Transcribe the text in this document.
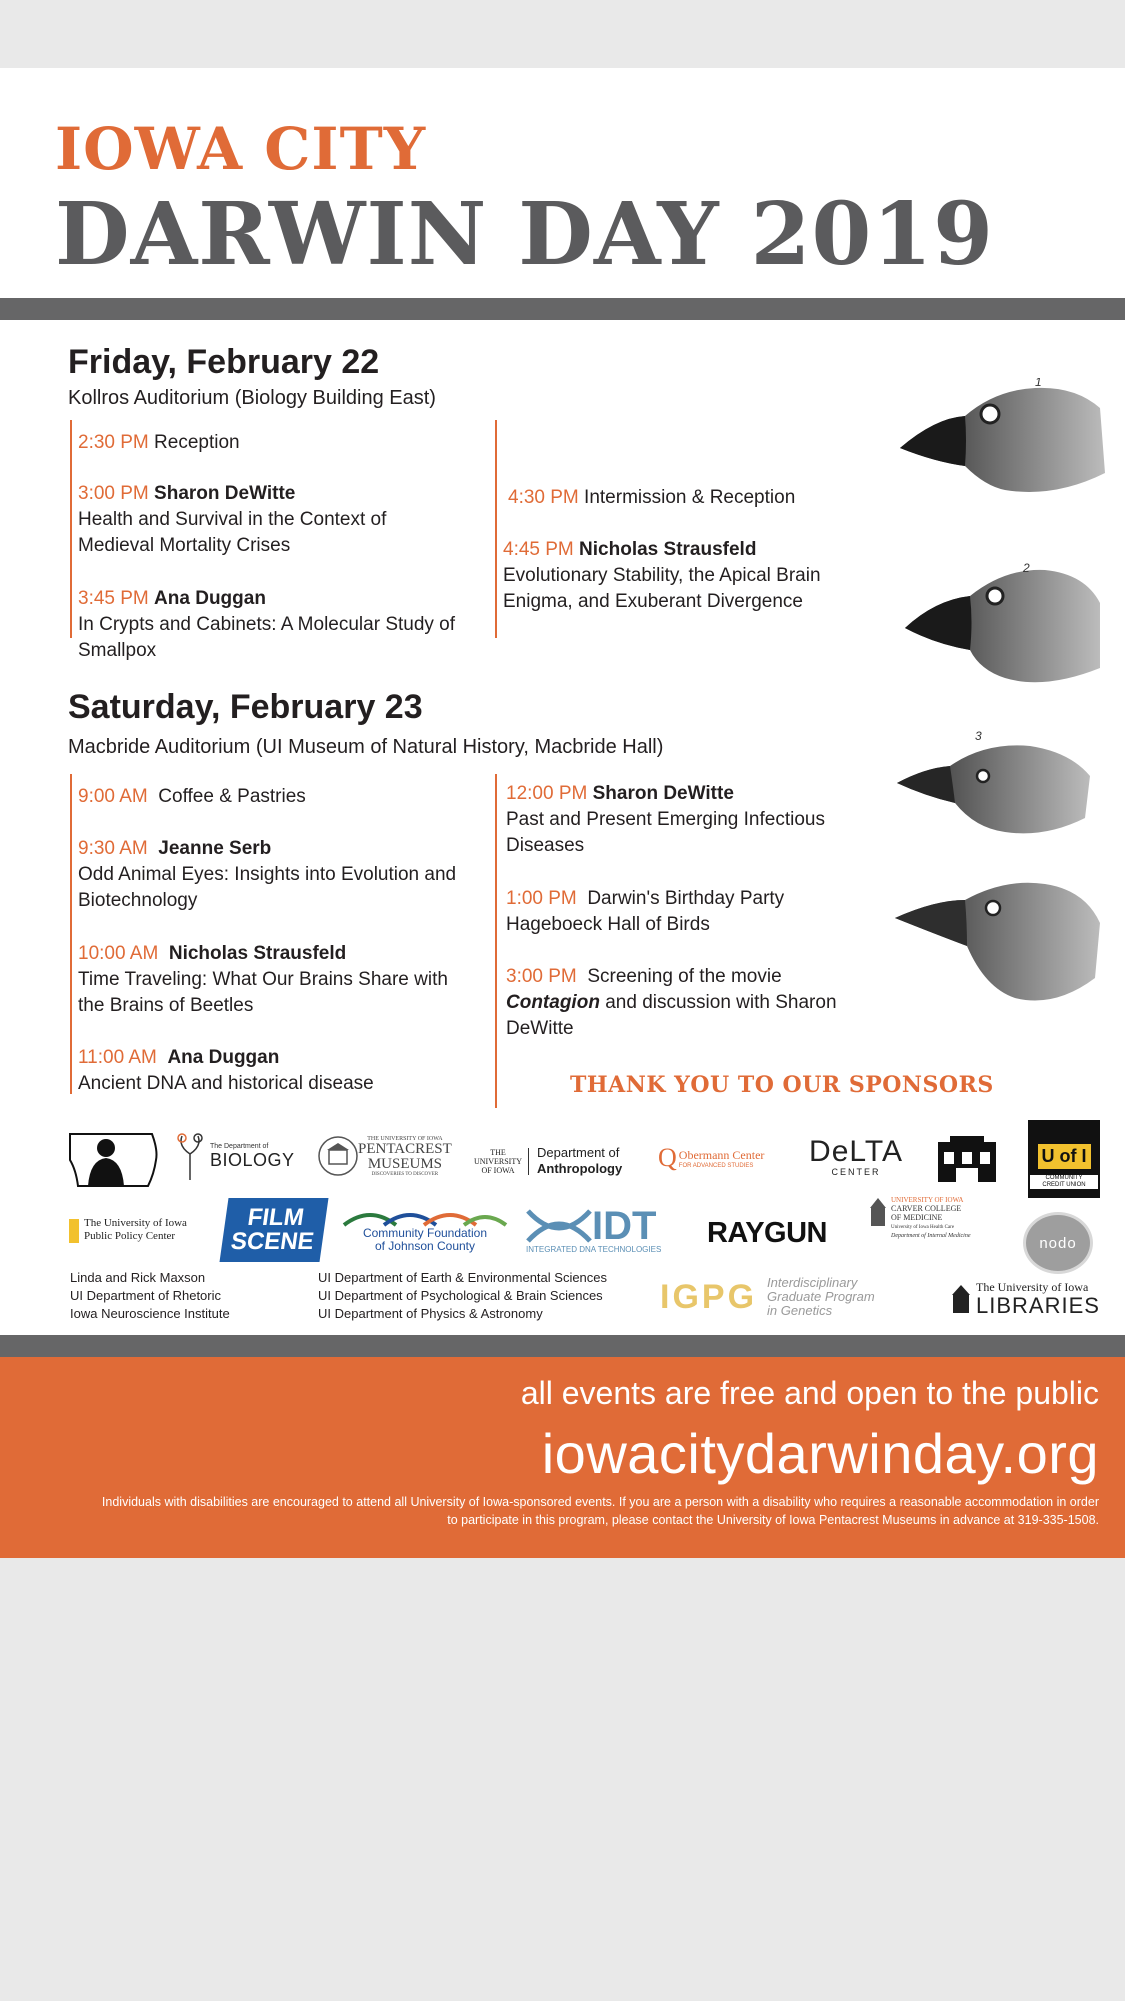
IOWA CITY
DARWIN DAY 2019
Friday, February 22

Kollros Auditorium (Biology Building East)

2:30 PM Reception
3:00 PM Sharon DeWitte
Health and Survival in the Context of
Medieval Mortality Crises
3:45 PM Ana Duggan
In Crypts and Cabinets: A Molecular Study of
Smallpox
4:30 PM Intermission & Reception
4:45 PM Nicholas Strausfeld
Evolutionary Stability, the Apical Brain
Enigma, and Exuberant Divergence
Saturday, February 23

Macbride Auditorium (UI Museum of Natural History, Macbride Hall)

9:00 AM Coffee & Pastries
9:30 AM Jeanne Serb
Odd Animal Eyes: Insights into Evolution and
Biotechnology
10:00 AM Nicholas Strausfeld
Time Traveling: What Our Brains Share with
the Brains of Beetles
11:00 AM Ana Duggan
Ancient DNA and historical disease
12:00 PM Sharon DeWitte
Past and Present Emerging Infectious
Diseases
1:00 PM Darwin's Birthday Party
Hageboeck Hall of Birds
3:00 PM Screening of the movie
Contagion and discussion with Sharon
DeWitte
1
2
3
THANK YOU TO OUR SPONSORS
The Department of
BIOLOGY
THE UNIVERSITY OF IOWA
PENTACREST
MUSEUMS
DISCOVERIES TO DISCOVER
THE
UNIVERSITY
OF IOWA
Department of
Anthropology Q Obermann Center
FOR ADVANCED STUDIES	DeLTA
CENTER
U of I
COMMUNITY
CREDIT UNION
The University of Iowa
Public Policy Center
FILM
SCENE	Community Foundation
of Johnson County	IDT
INTEGRATED DNA TECHNOLOGIES
RAYGUN
UNIVERSITY OF IOWA
CARVER COLLEGE
OF MEDICINE
University of Iowa Health Care
Department of Internal Medicine	nodo
Linda and Rick Maxson
UI Department of Rhetoric
Iowa Neuroscience Institute
UI Department of Earth & Environmental Sciences
UI Department of Psychological & Brain Sciences
UI Department of Physics & Astronomy	IGPG Interdisciplinary
Graduate Program
in Genetics
The University of Iowa
LIBRARIES
all events are free and open to the public
iowacitydarwinday.org
Individuals with disabilities are encouraged to attend all University of Iowa-sponsored events. If you are a person with a disability who requires a reasonable accommodation in order to participate in this program, please contact the University of Iowa Pentacrest Museums in advance at 319-335-1508.
